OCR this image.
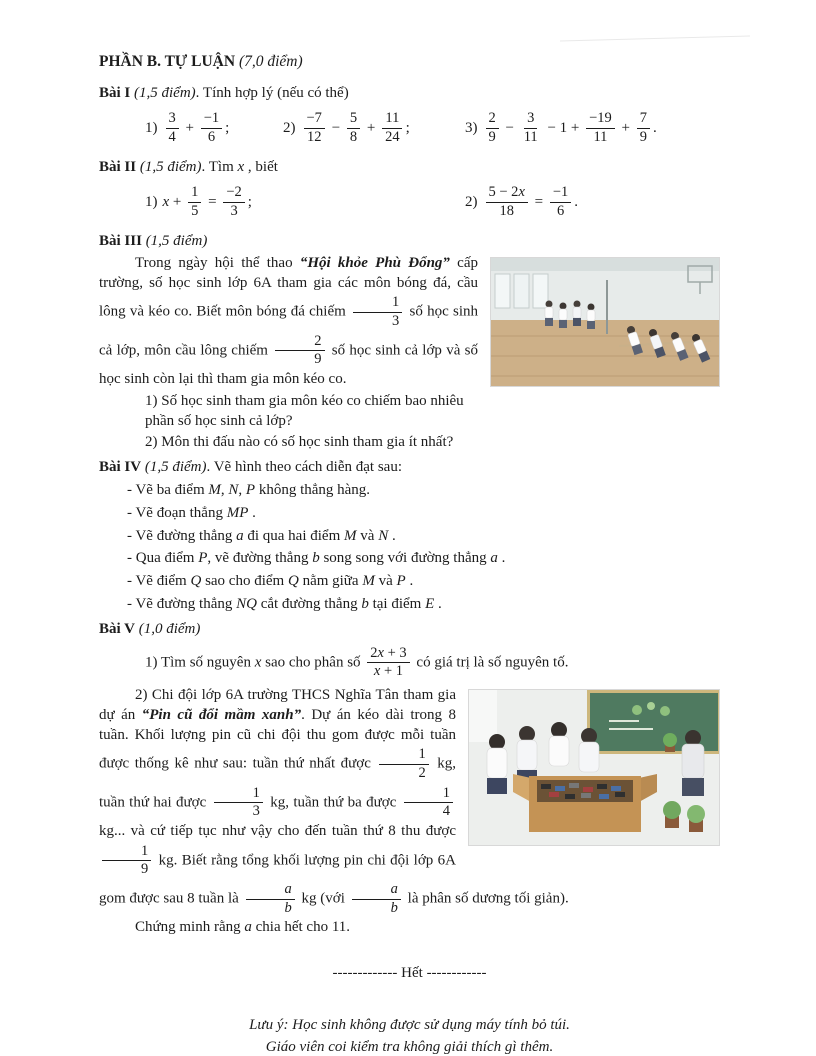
PHẦN B. TỰ LUẬN (7,0 điểm)
Bài I (1,5 điểm). Tính hợp lý (nếu có thể)
$1) \frac{3}{4} + \frac{-1}{6}$ ;	$2) \frac{-7}{12} - \frac{5}{8} + \frac{11}{24}$ ;	$3) \frac{2}{9} - \frac{3}{11} - 1 + \frac{-19}{11} + \frac{7}{9}$ .
Bài II (1,5 điểm). Tìm x , biết
1) $x + \frac{1}{5} = \frac{-2}{3}$ ;	$2) \frac{5 - 2x}{18} = \frac{-1}{6}$ .
Bài III (1,5 điểm)

Trong ngày hội thể thao “Hội khỏe Phù Đổng” cấp trường, số học sinh lớp 6A tham gia các môn bóng đá, cầu lông và kéo co. Biết môn bóng đá chiếm $\frac{1}{3}$ số học sinh cả lớp, môn cầu lông chiếm $\frac{2}{9}$ số học sinh cả lớp và số học sinh còn lại thì tham gia môn kéo co.

1) Số học sinh tham gia môn kéo co chiếm bao nhiêu phần số học sinh cả lớp?

2) Môn thi đấu nào có số học sinh tham gia ít nhất?

Bài IV (1,5 điểm). Vẽ hình theo cách diễn đạt sau:

- Vẽ ba điểm M, N, P không thẳng hàng.

- Vẽ đoạn thẳng MP .

- Vẽ đường thẳng a đi qua hai điểm M và N .

- Qua điểm P, vẽ đường thẳng b song song với đường thẳng a .

- Vẽ điểm Q sao cho điểm Q nằm giữa M và P .

- Vẽ đường thẳng NQ cắt đường thẳng b tại điểm E .

Bài V (1,0 điểm)

1) Tìm số nguyên x sao cho phân số $\frac{2x + 3}{x + 1}$ có giá trị là số nguyên tố.

2) Chi đội lớp 6A trường THCS Nghĩa Tân tham gia dự án “Pin cũ đổi mầm xanh”. Dự án kéo dài trong 8 tuần. Khối lượng pin cũ chi đội thu gom được mỗi tuần được thống kê như sau: tuần thứ nhất được $\frac{1}{2}$ kg, tuần thứ hai được $\frac{1}{3}$ kg, tuần thứ ba được $\frac{1}{4}$
kg... và cứ tiếp tục như vậy cho đến tuần thứ 8 thu được
$\frac{1}{9}$ kg. Biết rằng tổng khối lượng pin chi đội lớp 6A gom được sau 8 tuần là $\frac{a}{b}$ kg (với $\frac{a}{b}$ là phân số dương tối giản).

Chứng minh rằng a chia hết cho 11.

------------- Hết ------------

Lưu ý: Học sinh không được sử dụng máy tính bỏ túi.

Giáo viên coi kiểm tra không giải thích gì thêm.
